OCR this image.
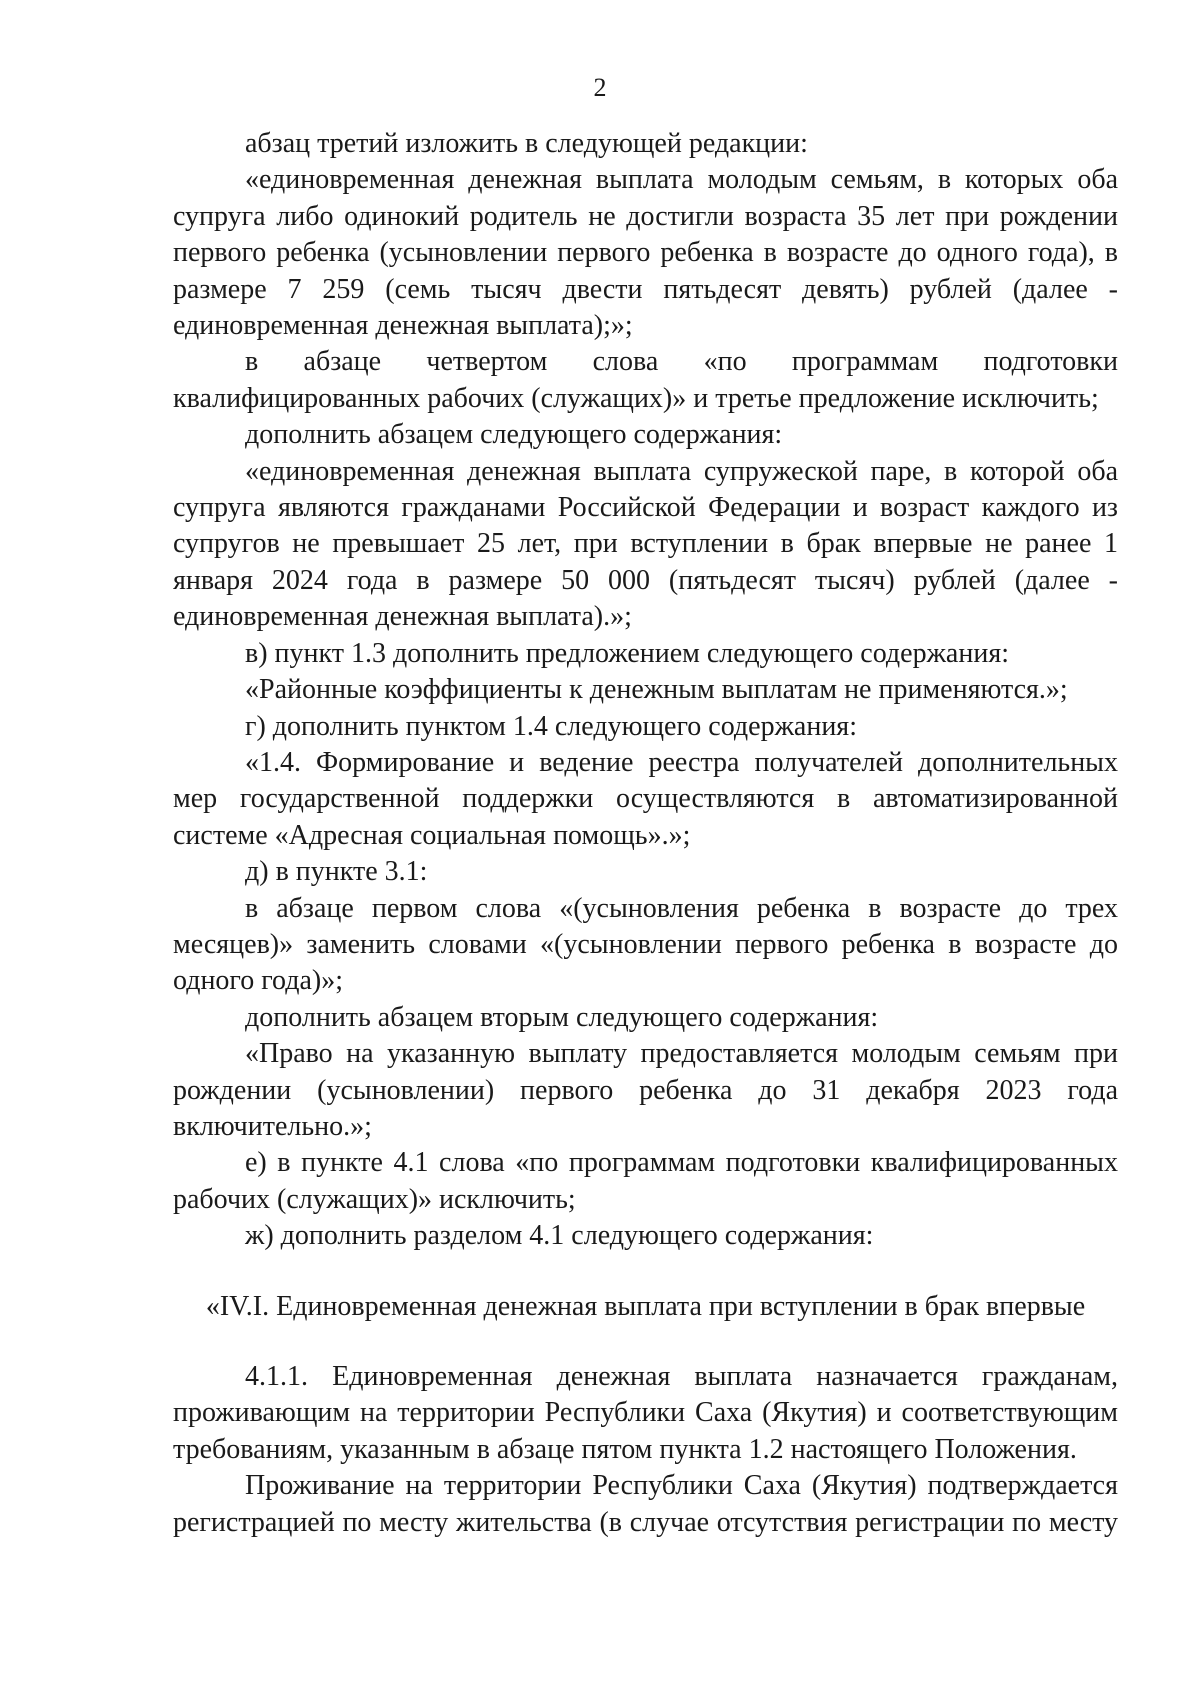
2

абзац третий изложить в следующей редакции:

«единовременная денежная выплата молодым семьям, в которых оба супруга либо одинокий родитель не достигли возраста 35 лет при рождении первого ребенка (усыновлении первого ребенка в возрасте до одного года), в размере 7 259 (семь тысяч двести пятьдесят девять) рублей (далее - единовременная денежная выплата);»;

в абзаце четвертом слова «по программам подготовки квалифицированных рабочих (служащих)» и третье предложение исключить;

дополнить абзацем следующего содержания:

«единовременная денежная выплата супружеской паре, в которой оба супруга являются гражданами Российской Федерации и возраст каждого из супругов не превышает 25 лет, при вступлении в брак впервые не ранее 1 января 2024 года в размере 50 000 (пятьдесят тысяч) рублей (далее - единовременная денежная выплата).»;

в) пункт 1.3 дополнить предложением следующего содержания:

«Районные коэффициенты к денежным выплатам не применяются.»;

г) дополнить пунктом 1.4 следующего содержания:

«1.4. Формирование и ведение реестра получателей дополнительных мер государственной поддержки осуществляются в автоматизированной системе «Адресная социальная помощь».»;

д) в пункте 3.1:

в абзаце первом слова «(усыновления ребенка в возрасте до трех месяцев)» заменить словами «(усыновлении первого ребенка в возрасте до одного года)»;

дополнить абзацем вторым следующего содержания:

«Право на указанную выплату предоставляется молодым семьям при рождении (усыновлении) первого ребенка до 31 декабря 2023 года включительно.»;

е) в пункте 4.1 слова «по программам подготовки квалифицированных рабочих (служащих)» исключить;

ж) дополнить разделом 4.1 следующего содержания:

«IV.I. Единовременная денежная выплата при вступлении в брак впервые

4.1.1. Единовременная денежная выплата назначается гражданам, проживающим на территории Республики Саха (Якутия) и соответствующим требованиям, указанным в абзаце пятом пункта 1.2 настоящего Положения.

Проживание на территории Республики Саха (Якутия) подтверждается регистрацией по месту жительства (в случае отсутствия регистрации по месту
